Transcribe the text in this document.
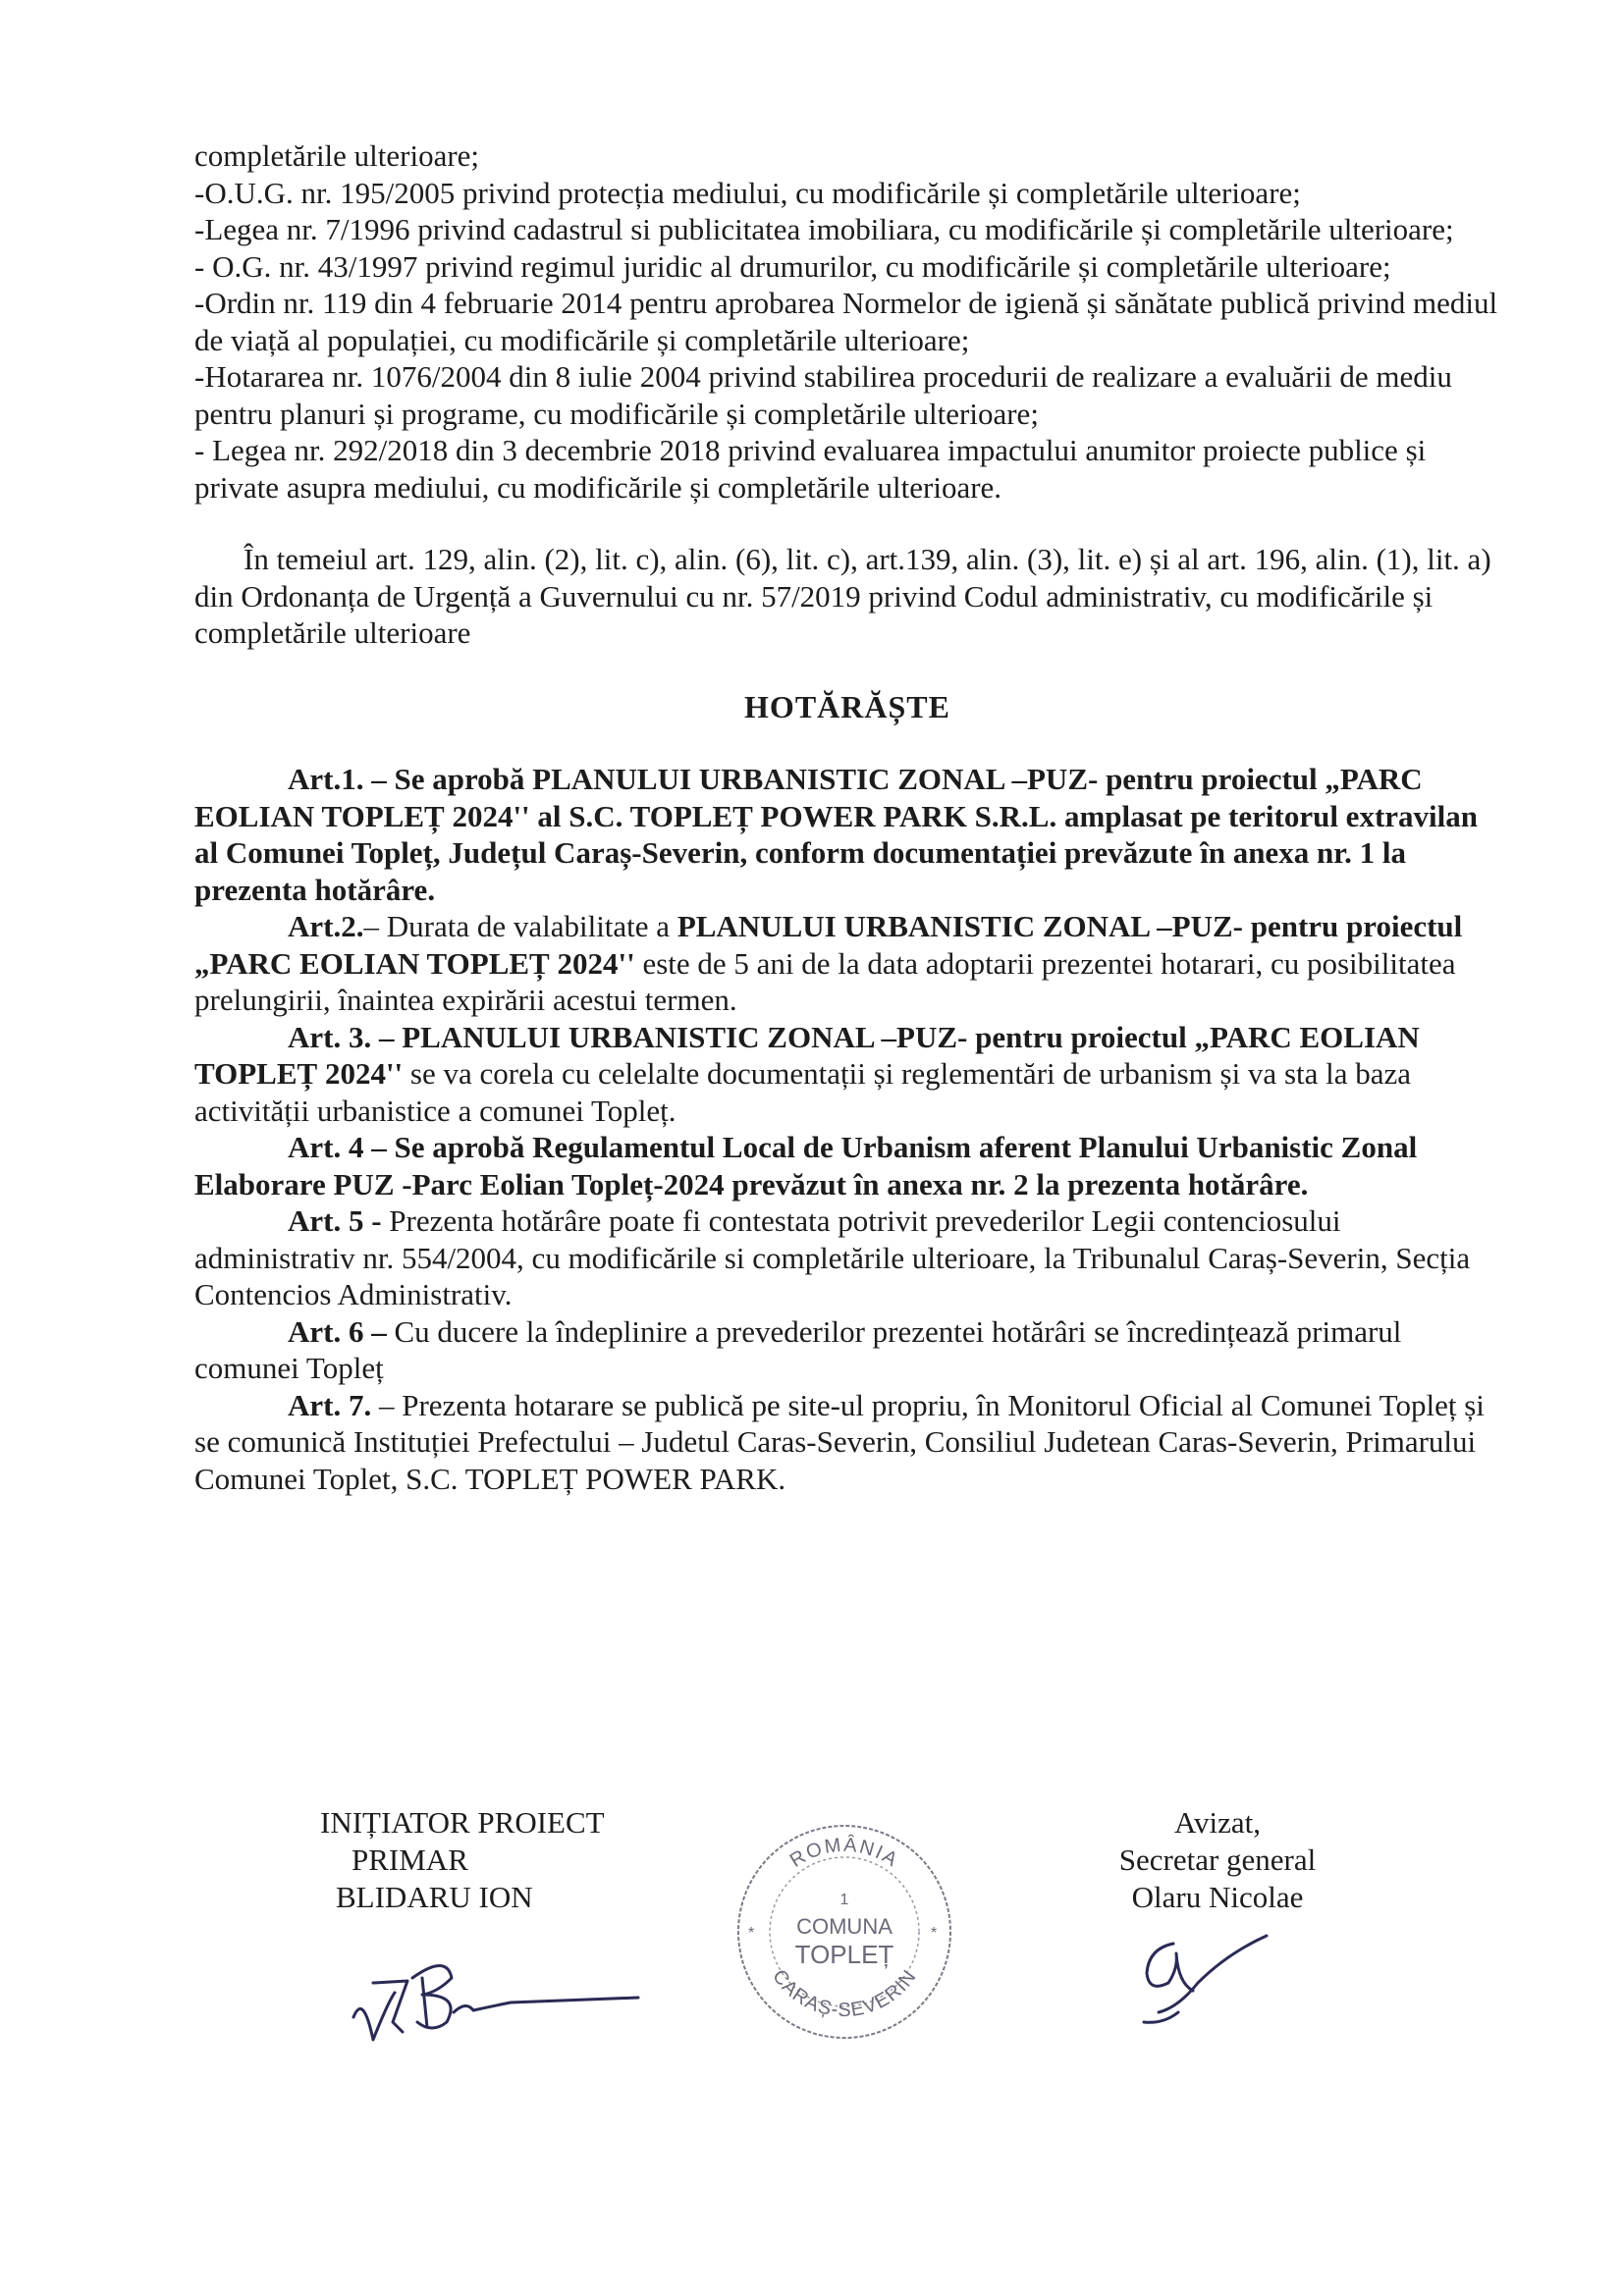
completările ulterioare;

-O.U.G. nr. 195/2005 privind protecția mediului, cu modificările și completările ulterioare;

-Legea nr. 7/1996 privind cadastrul si publicitatea imobiliara, cu modificările și completările ulterioare;

- O.G. nr. 43/1997 privind regimul juridic al drumurilor, cu modificările și completările ulterioare;

-Ordin nr. 119 din 4 februarie 2014 pentru aprobarea Normelor de igienă și sănătate publică privind mediul de viață al populației, cu modificările și completările ulterioare;

-Hotararea nr. 1076/2004 din 8 iulie 2004 privind stabilirea procedurii de realizare a evaluării de mediu pentru planuri și programe, cu modificările și completările ulterioare;

- Legea nr. 292/2018 din 3 decembrie 2018 privind evaluarea impactului anumitor proiecte publice și private asupra mediului, cu modificările și completările ulterioare.

În temeiul art. 129, alin. (2), lit. c), alin. (6), lit. c), art.139, alin. (3), lit. e) și al art. 196, alin. (1), lit. a) din Ordonanța de Urgență a Guvernului cu nr. 57/2019 privind Codul administrativ, cu modificările și completările ulterioare

HOTĂRĂȘTE

Art.1. – Se aprobă PLANULUI URBANISTIC ZONAL –PUZ- pentru proiectul „PARC EOLIAN TOPLEȚ 2024'' al S.C. TOPLEȚ POWER PARK S.R.L. amplasat pe teritorul extravilan al Comunei Topleț, Județul Caraș-Severin, conform documentației prevăzute în anexa nr. 1 la prezenta hotărâre.

Art.2.– Durata de valabilitate a PLANULUI URBANISTIC ZONAL –PUZ- pentru proiectul „PARC EOLIAN TOPLEȚ 2024'' este de 5 ani de la data adoptarii prezentei hotarari, cu posibilitatea prelungirii, înaintea expirării acestui termen.

Art. 3. – PLANULUI URBANISTIC ZONAL –PUZ- pentru proiectul „PARC EOLIAN TOPLEȚ 2024'' se va corela cu celelalte documentații și reglementări de urbanism și va sta la baza activității urbanistice a comunei Topleț.

Art. 4 – Se aprobă Regulamentul Local de Urbanism aferent Planului Urbanistic Zonal Elaborare PUZ -Parc Eolian Topleț-2024 prevăzut în anexa nr. 2 la prezenta hotărâre.

Art. 5 - Prezenta hotărâre poate fi contestata potrivit prevederilor Legii contenciosului administrativ nr. 554/2004, cu modificările si completările ulterioare, la Tribunalul Caraș-Severin, Secția Contencios Administrativ.

Art. 6 – Cu ducere la îndeplinire a prevederilor prezentei hotărâri se încredințează primarul comunei Topleț

Art. 7. – Prezenta hotarare se publică pe site-ul propriu, în Monitorul Oficial al Comunei Topleț și se comunică Instituției Prefectului – Judetul Caras-Severin, Consiliul Judetean Caras-Severin, Primarului Comunei Toplet, S.C. TOPLEȚ POWER PARK.

INIȚIATOR PROIECT
PRIMAR
BLIDARU ION
ROMÂNIA
1
COMUNA
TOPLEȚ
CARAȘ-SEVERIN
*	*
Avizat,
Secretar general
Olaru Nicolae
